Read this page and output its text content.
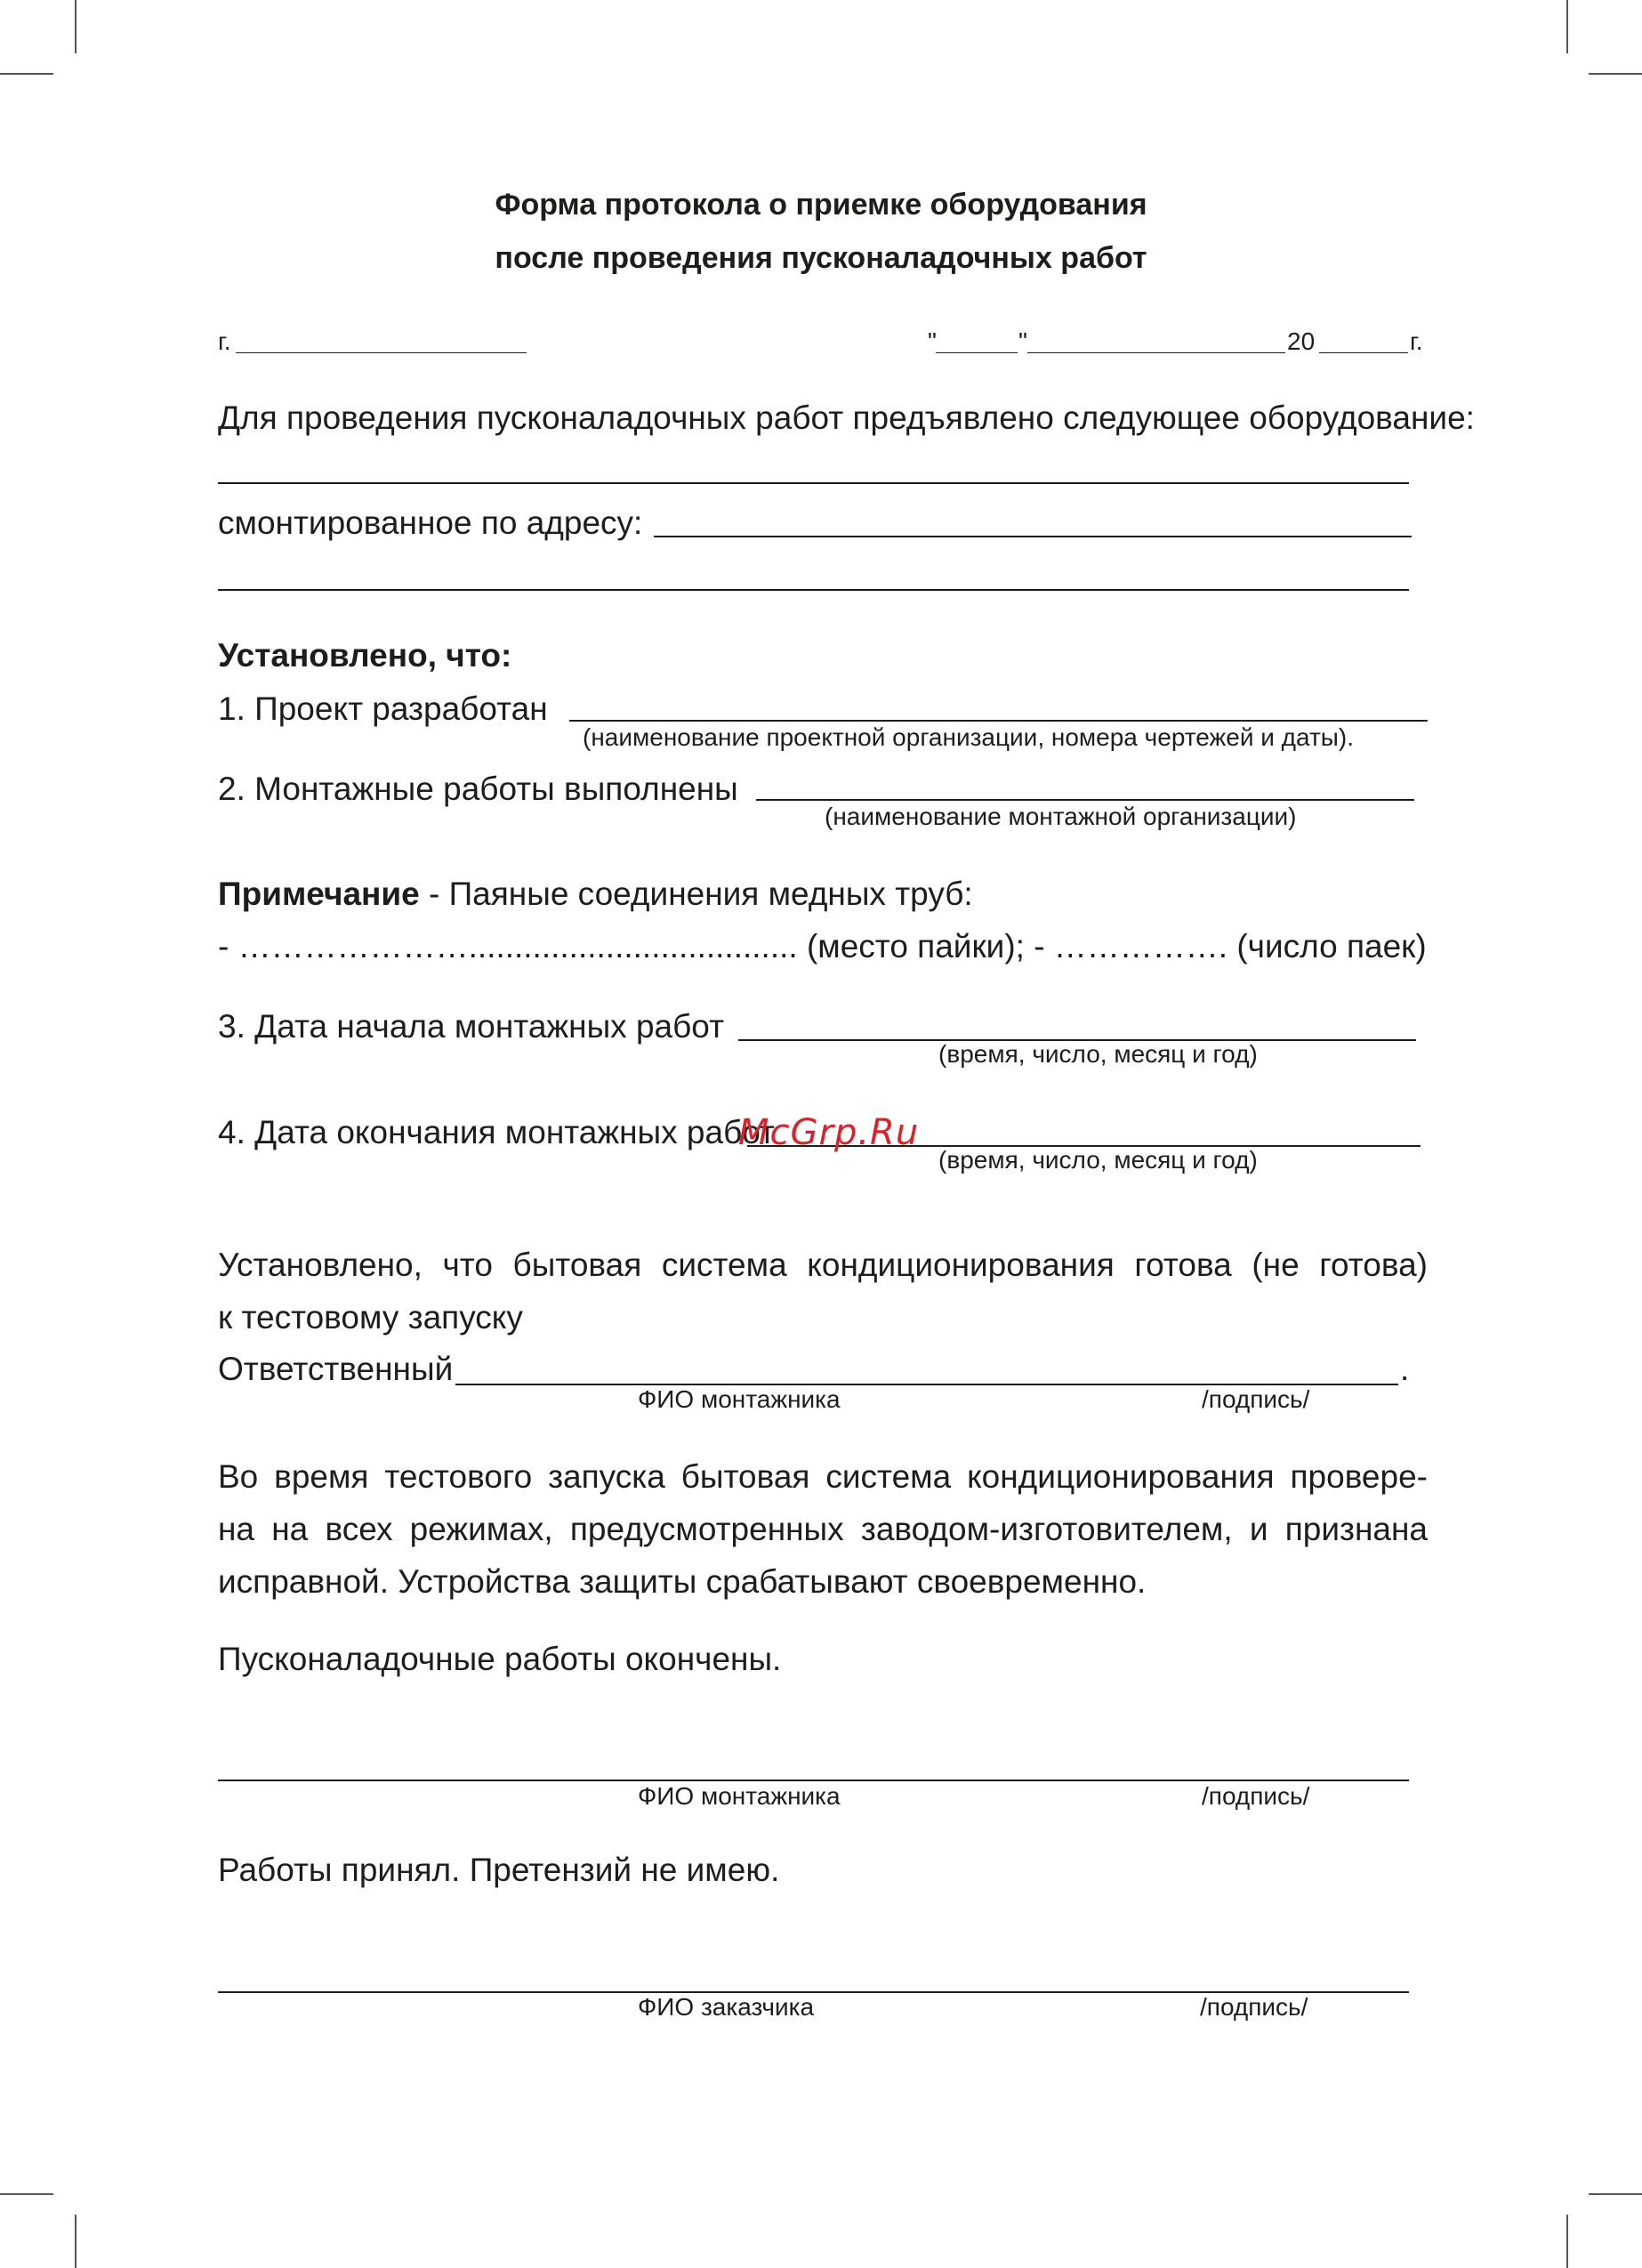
Форма протокола о приемке оборудования
после проведения пусконаладочных работ
г.	"	"	20	г.
Для проведения пусконаладочных работ предъявлено следующее оборудование:
смонтированное по адресу:
Установлено, что:
1. Проект разработан
(наименование проектной организации, номера чертежей и даты).
2. Монтажные работы выполнены
(наименование монтажной организации)
Примечание - Паяные соединения медных труб:
- ………………….................................... (место пайки); - ……………. (число паек)
3. Дата начала монтажных работ
(время, число, месяц и год)
4. Дата окончания монтажных работ
(время, число, месяц и год)
McGrp.Ru
Установлено, что бытовая система кондиционирования готова (не готова)
к тестовому запуску
Ответственный	.
ФИО монтажника	/подпись/
Во время тестового запуска бытовая система кондиционирования провере-
на на всех режимах, предусмотренных заводом-изготовителем, и признана
исправной. Устройства защиты срабатывают своевременно.
Пусконаладочные работы окончены.
ФИО монтажника	/подпись/
Работы принял. Претензий не имею.
ФИО заказчика	/подпись/
